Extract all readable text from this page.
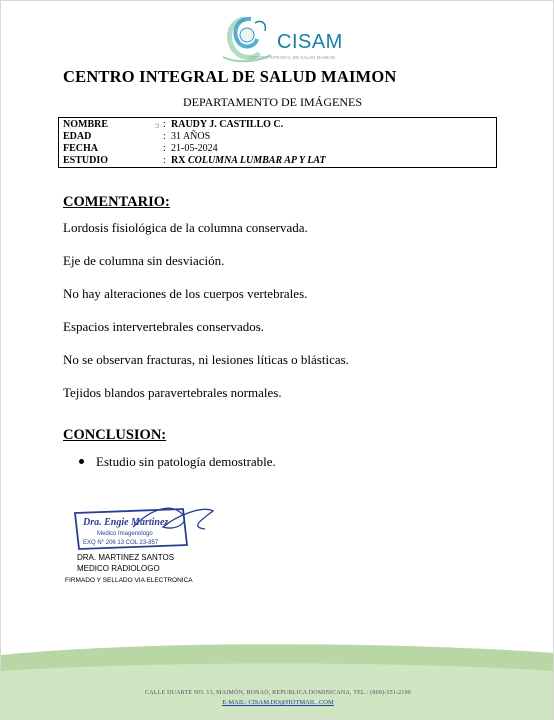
CISAM
CENTRO INTEGRAL DE SALUD MAIMON
CENTRO INTEGRAL DE SALUD MAIMON
DEPARTAMENTO DE IMÁGENES
NOMBRE	Ͽ : RAUDY J. CASTILLO C.
EDAD	: 31 AÑOS
FECHA	: 21-05-2024
ESTUDIO	: RX COLUMNA LUMBAR AP Y LAT
COMENTARIO:
Lordosis fisiológica de la columna conservada.
Eje de columna sin desviación.
No hay alteraciones de los cuerpos vertebrales.
Espacios intervertebrales conservados.
No se observan fracturas, ni lesiones líticas o blásticas.
Tejidos blandos paravertebrales normales.
CONCLUSION:
Estudio sin patología demostrable.
Dra. Engie Martinez
Medico Imagenologo
EXQ N° 206 13 COL 23-857
DRA. MARTINEZ SANTOS
MEDICO RADIOLOGO
FIRMADO Y SELLADO VIA ELECTRONICA
CALLE DUARTE NO. 13, MAIMÓN, BONAO, REPUBLICA DOMINICANA, TEL.: (809)-551-2196
E-MAIL: CISAM.DO@HOTMAIL .COM
